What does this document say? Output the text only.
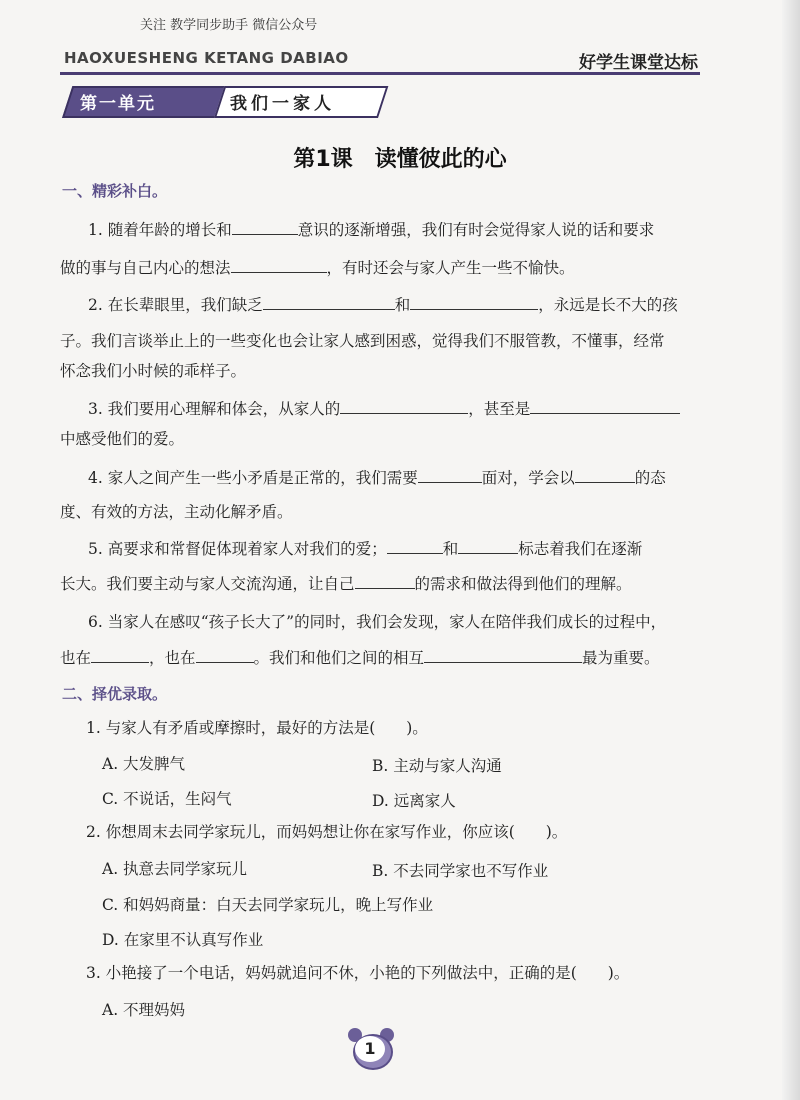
关注 教学同步助手 微信公众号
HAOXUESHENG KETANG DABIAO	好学生课堂达标
第一单元	我们一家人
第1课 读懂彼此的心
一、精彩补白。
1. 随着年龄的增长和	意识的逐渐增强，我们有时会觉得家人说的话和要求
做的事与自己内心的想法	，有时还会与家人产生一些不愉快。
2. 在长辈眼里，我们缺乏	和	，永远是长不大的孩
子。我们言谈举止上的一些变化也会让家人感到困惑，觉得我们不服管教，不懂事，经常
怀念我们小时候的乖样子。
3. 我们要用心理解和体会，从家人的	，甚至是
中感受他们的爱。
4. 家人之间产生一些小矛盾是正常的，我们需要	面对，学会以	的态
度、有效的方法，主动化解矛盾。
5. 高要求和常督促体现着家人对我们的爱；	和	标志着我们在逐渐
长大。我们要主动与家人交流沟通，让自己	的需求和做法得到他们的理解。
6. 当家人在感叹“孩子长大了”的同时，我们会发现，家人在陪伴我们成长的过程中，
也在	，也在	。我们和他们之间的相互	最为重要。
二、择优录取。
1. 与家人有矛盾或摩擦时，最好的方法是(　　)。
A. 大发脾气	B. 主动与家人沟通
C. 不说话，生闷气	D. 远离家人
2. 你想周末去同学家玩儿，而妈妈想让你在家写作业，你应该(　　)。
A. 执意去同学家玩儿	B. 不去同学家也不写作业
C. 和妈妈商量：白天去同学家玩儿，晚上写作业
D. 在家里不认真写作业
3. 小艳接了一个电话，妈妈就追问不休，小艳的下列做法中，正确的是(　　)。
A. 不理妈妈
1
